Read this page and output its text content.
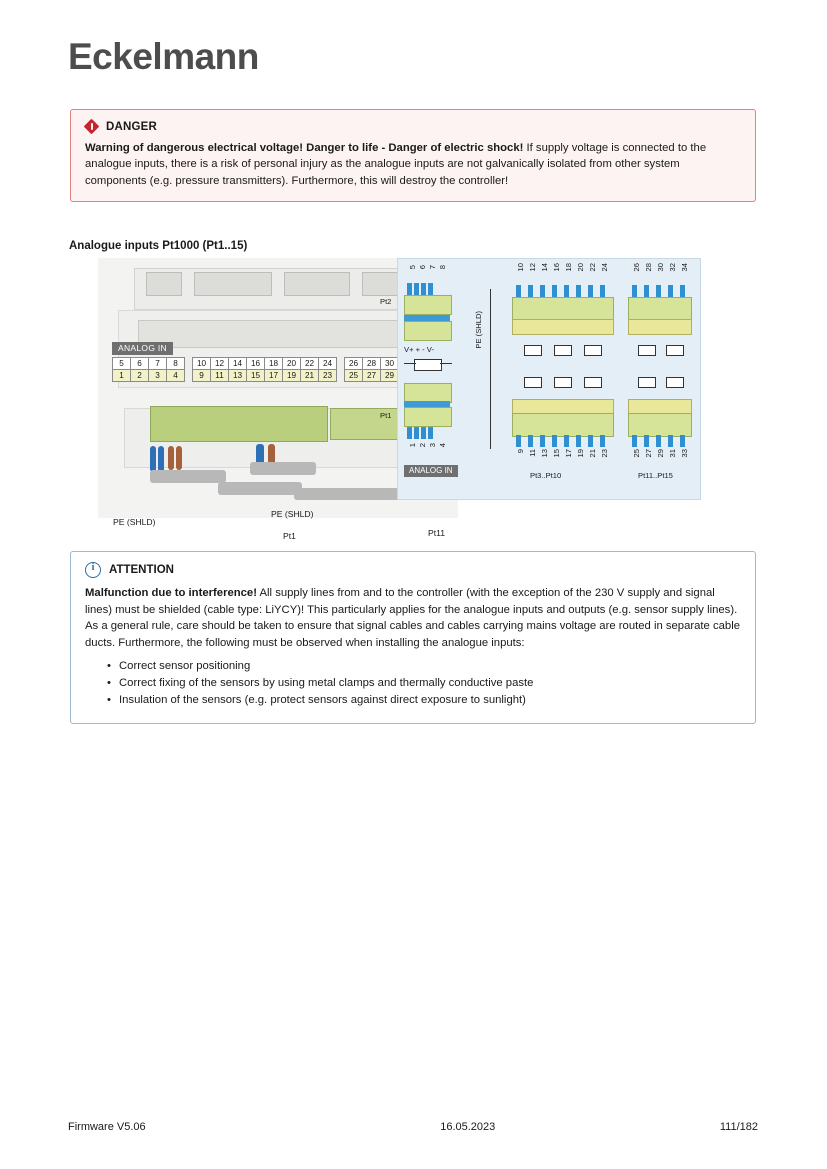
Eckelmann
DANGER
Warning of dangerous electrical voltage! Danger to life - Danger of electric shock! If supply voltage is connected to the analogue inputs, there is a risk of personal injury as the analogue inputs are not galvanically isolated from other system components (e.g. pressure transmitters). Furthermore, this will destroy the controller!
Analogue inputs Pt1000 (Pt1..15)
ANALOG IN
5	6	7	8		10	12	14	16	18	20	22	24		26	28	30		
1	2	3	4		9	11	13	15	17	19	21	23		25	27	29		
PE (SHLD)
PE (SHLD)
Pt1	Pt11
5 6 7 8
Pt2
V+ + - V-
Pt1
1 2 3 4
ANALOG IN
PE (SHLD)
10 12 14 16 18 20 22 24
9 11 13 15 17 19 21 23
Pt3..Pt10
26 28 30 32 34
25 27 29 31 33
Pt11..Pt15
i
ATTENTION
Malfunction due to interference! All supply lines from and to the controller (with the exception of the 230 V supply and signal lines) must be shielded (cable type: LiYCY)! This particularly applies for the analogue inputs and outputs (e.g. sensor supply lines). As a general rule, care should be taken to ensure that signal cables and cables carrying mains voltage are routed in separate cable ducts. Furthermore, the following must be observed when installing the analogue inputs:
• Correct sensor positioning
• Correct fixing of the sensors by using metal clamps and thermally conductive paste
• Insulation of the sensors (e.g. protect sensors against direct exposure to sunlight)
Firmware V5.06	16.05.2023	111/182
